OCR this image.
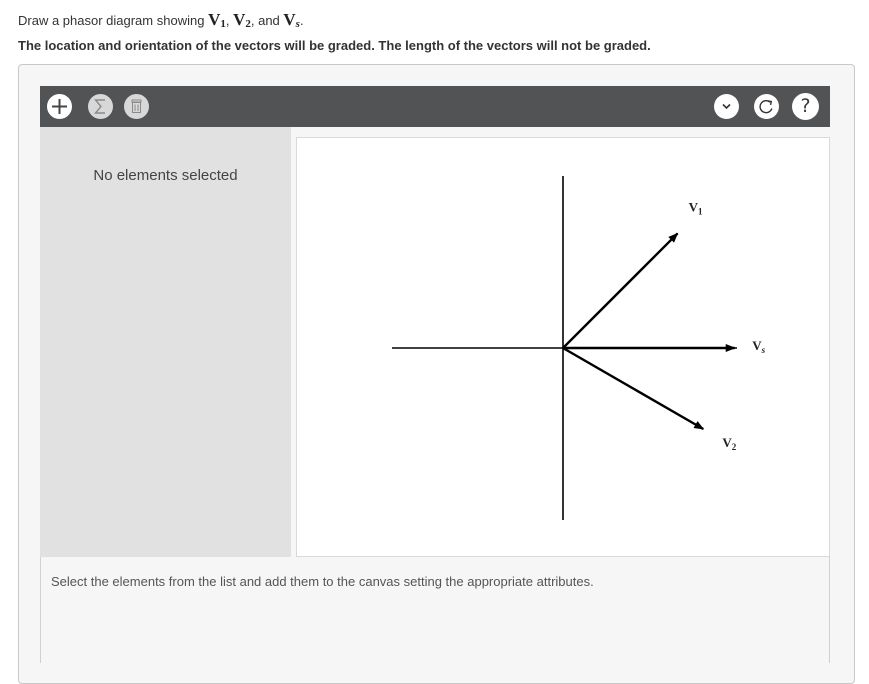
Draw a phasor diagram showing $V_1$, $V_2$, and $V_s$.
The location and orientation of the vectors will be graded. The length of the vectors will not be graded.
?
No elements selected
$V_1$
$V_s$
$V_2$
Select the elements from the list and add them to the canvas setting the appropriate attributes.
